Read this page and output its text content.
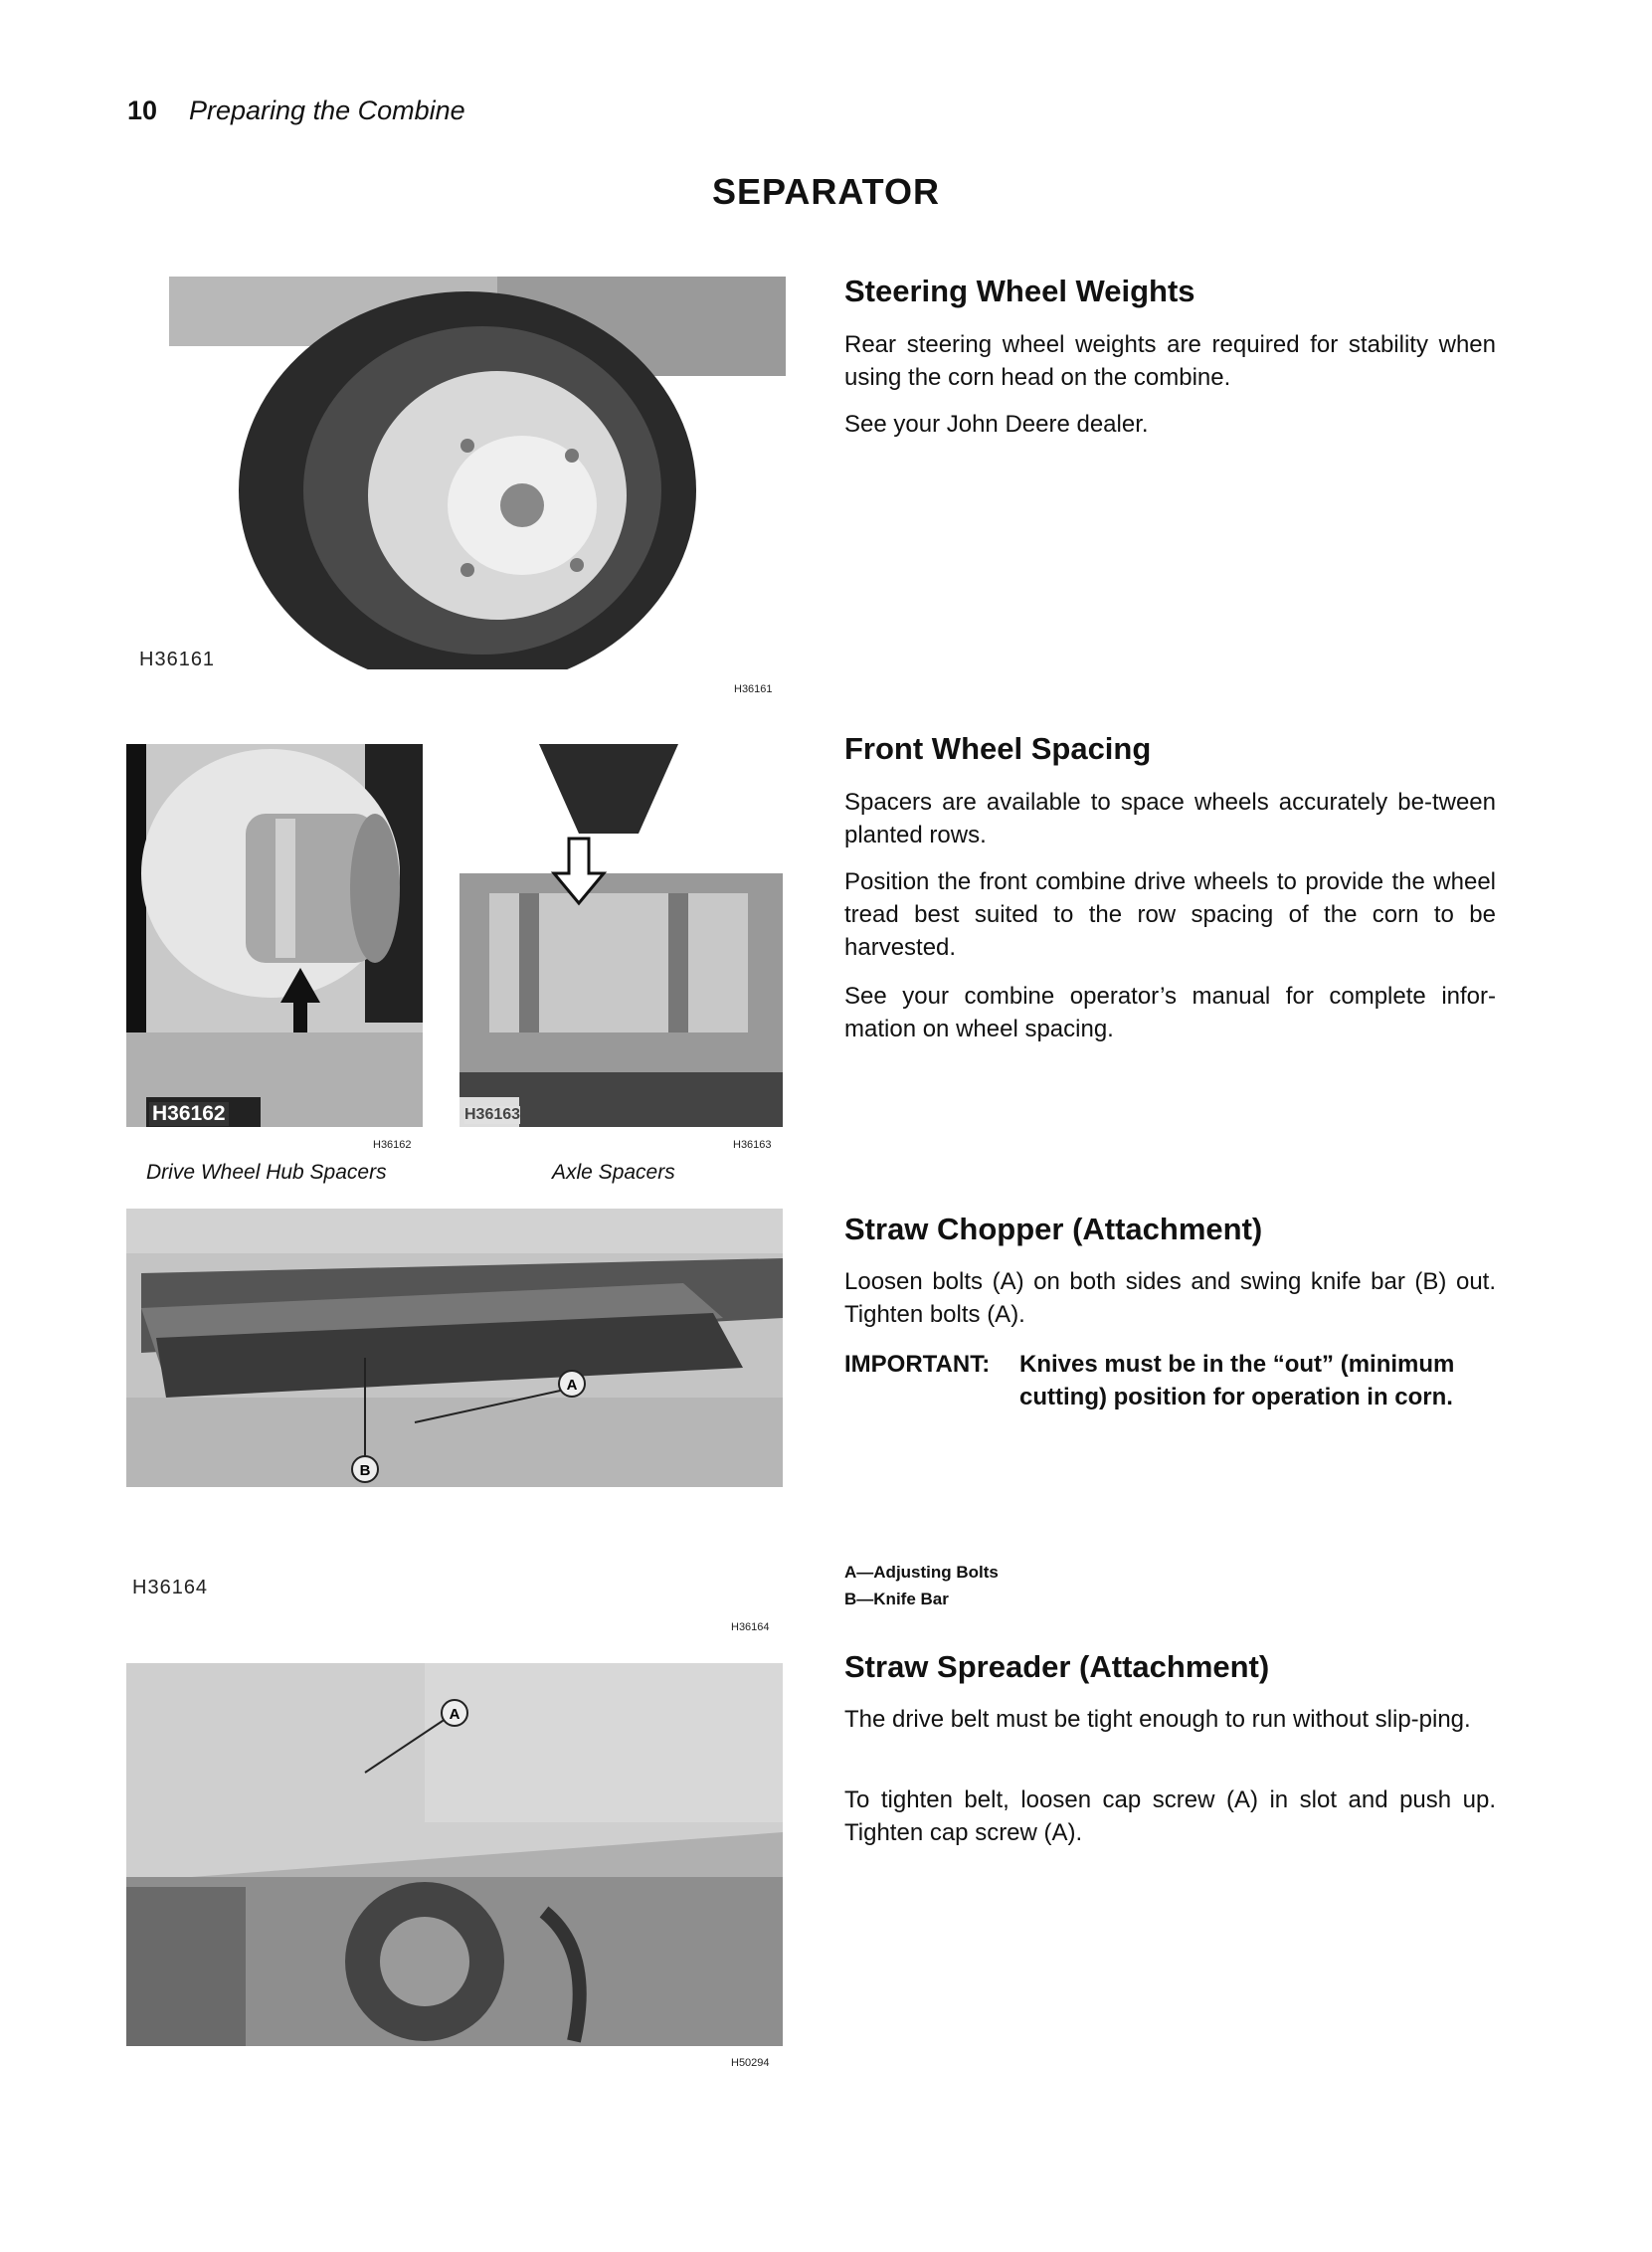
10 Preparing the Combine
SEPARATOR
H36161
H36161
H36162
H36162
Drive Wheel Hub Spacers
H36163
H36163
Axle Spacers
B
A
H36164
H36164
A
H50294
Steering Wheel Weights
Rear steering wheel weights are required for stability when using the corn head on the combine.
See your John Deere dealer.
Front Wheel Spacing
Spacers are available to space wheels accurately be-tween planted rows.
Position the front combine drive wheels to provide the wheel tread best suited to the row spacing of the corn to be harvested.
See your combine operator’s manual for complete infor-mation on wheel spacing.
Straw Chopper (Attachment)
Loosen bolts (A) on both sides and swing knife bar (B) out. Tighten bolts (A).
IMPORTANT: Knives must be in the “out” (minimum
cutting) position for operation in corn.
A—Adjusting Bolts
B—Knife Bar
Straw Spreader (Attachment)
The drive belt must be tight enough to run without slip-ping.
To tighten belt, loosen cap screw (A) in slot and push up. Tighten cap screw (A).
